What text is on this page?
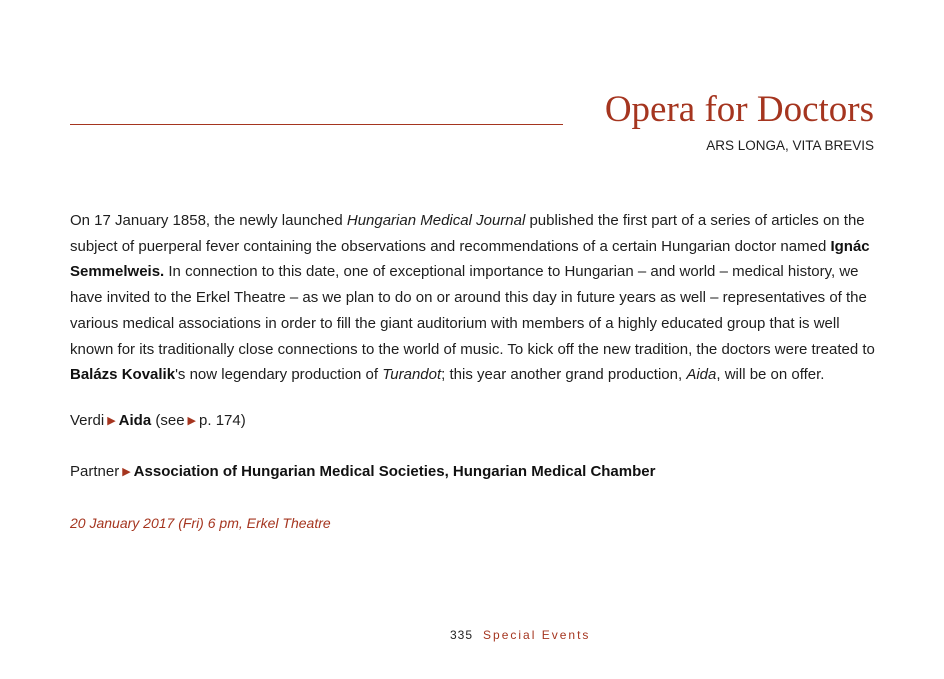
Opera for Doctors
ARS LONGA, VITA BREVIS

On 17 January 1858, the newly launched Hungarian Medical Journal published the first part of a series of articles on the subject of puerperal fever containing the observations and recommendations of a certain Hungarian doctor named Ignác Semmelweis. In connection to this date, one of exceptional importance to Hungarian – and world – medical history, we have invited to the Erkel Theatre – as we plan to do on or around this day in future years as well – representatives of the various medical associations in order to fill the giant auditorium with members of a highly educated group that is well known for its traditionally close connections to the world of music. To kick off the new tradition, the doctors were treated to Balázs Kovalik's now legendary production of Turandot; this year another grand production, Aida, will be on offer.

Verdi ▶ Aida (see ▶ p. 174)
Partner ▶ Association of Hungarian Medical Societies, Hungarian Medical Chamber
20 January 2017 (Fri) 6 pm, Erkel Theatre
335 Special Events
